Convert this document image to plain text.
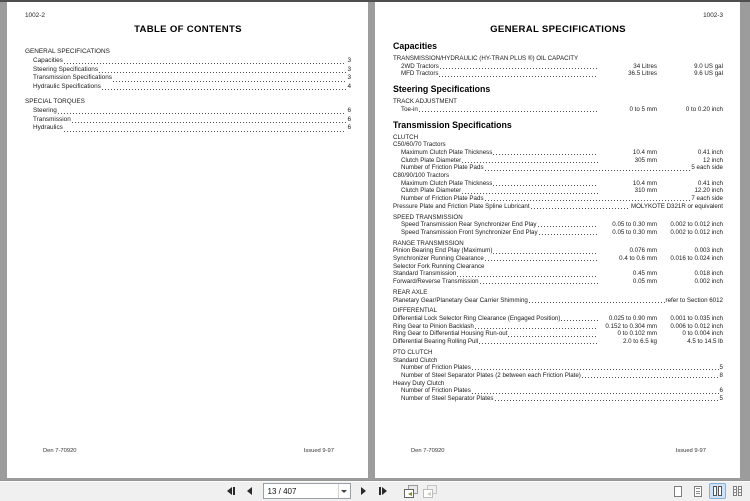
1002-2
TABLE OF CONTENTS
GENERAL SPECIFICATIONS
Capacities	3
Steering Specifications	3
Transmission Specifications	3
Hydraulic Specifications	4
SPECIAL TORQUES
Steering	6
Transmission	6
Hydraulics	6
Den 7-70920	Issued 9-97
1002-3
GENERAL SPECIFICATIONS
Capacities
TRANSMISSION/HYDRAULIC (HY-TRAN PLUS ®) OIL CAPACITY
2WD Tractors	34 Litres	9.0 US gal
MFD Tractors	36.5 Litres	9.6 US gal
Steering Specifications
TRACK ADJUSTMENT
Toe-in	0 to 5 mm	0 to 0.20 inch
Transmission Specifications
CLUTCH
C50/60/70 Tractors
Maximum Clutch Plate Thickness	10.4 mm	0.41 inch
Clutch Plate Diameter	305 mm	12 inch
Number of Friction Plate Pads	5 each side
C80/90/100 Tractors
Maximum Clutch Plate Thickness	10.4 mm	0.41 inch
Clutch Plate Diameter	310 mm	12.20 inch
Number of Friction Plate Pads	7 each side
Pressure Plate and Friction Plate Spline Lubricant	MOLYKOTE D321R or equivalent
SPEED TRANSMISSION
Speed Transmission Rear Synchronizer End Play	0.05 to 0.30 mm	0.002 to 0.012 inch
Speed Transmission Front Synchronizer End Play	0.05 to 0.30 mm	0.002 to 0.012 inch
RANGE TRANSMISSION
Pinion Bearing End Play (Maximum)	0.076 mm	0.003 inch
Synchronizer Running Clearance	0.4 to 0.6 mm	0.016 to 0.024 inch
Selector Fork Running Clearance
Standard Transmission	0.45 mm	0.018 inch
Forward/Reverse Transmission	0.05 mm	0.002 inch
REAR AXLE
Planetary Gear/Planetary Gear Carrier Shimming	refer to Section 6012
DIFFERENTIAL
Differential Lock Selector Ring Clearance (Engaged Position)	0.025 to 0.90 mm	0.001 to 0.035 inch
Ring Gear to Pinion Backlash	0.152 to 0.304 mm	0.006 to 0.012 inch
Ring Gear to Differential Housing Run-out	0 to 0.102 mm	0 to 0.004 inch
Differential Bearing Rolling Pull	2.0 to 6.5 kg	4.5 to 14.5 lb
PTO CLUTCH
Standard Clutch
Number of Friction Plates	5
Number of Steel Separator Plates (2 between each Friction Plate)	8
Heavy Duty Clutch
Number of Friction Plates	6
Number of Steel Separator Plates	5
Den 7-70920	Issued 9-97
13 / 407
